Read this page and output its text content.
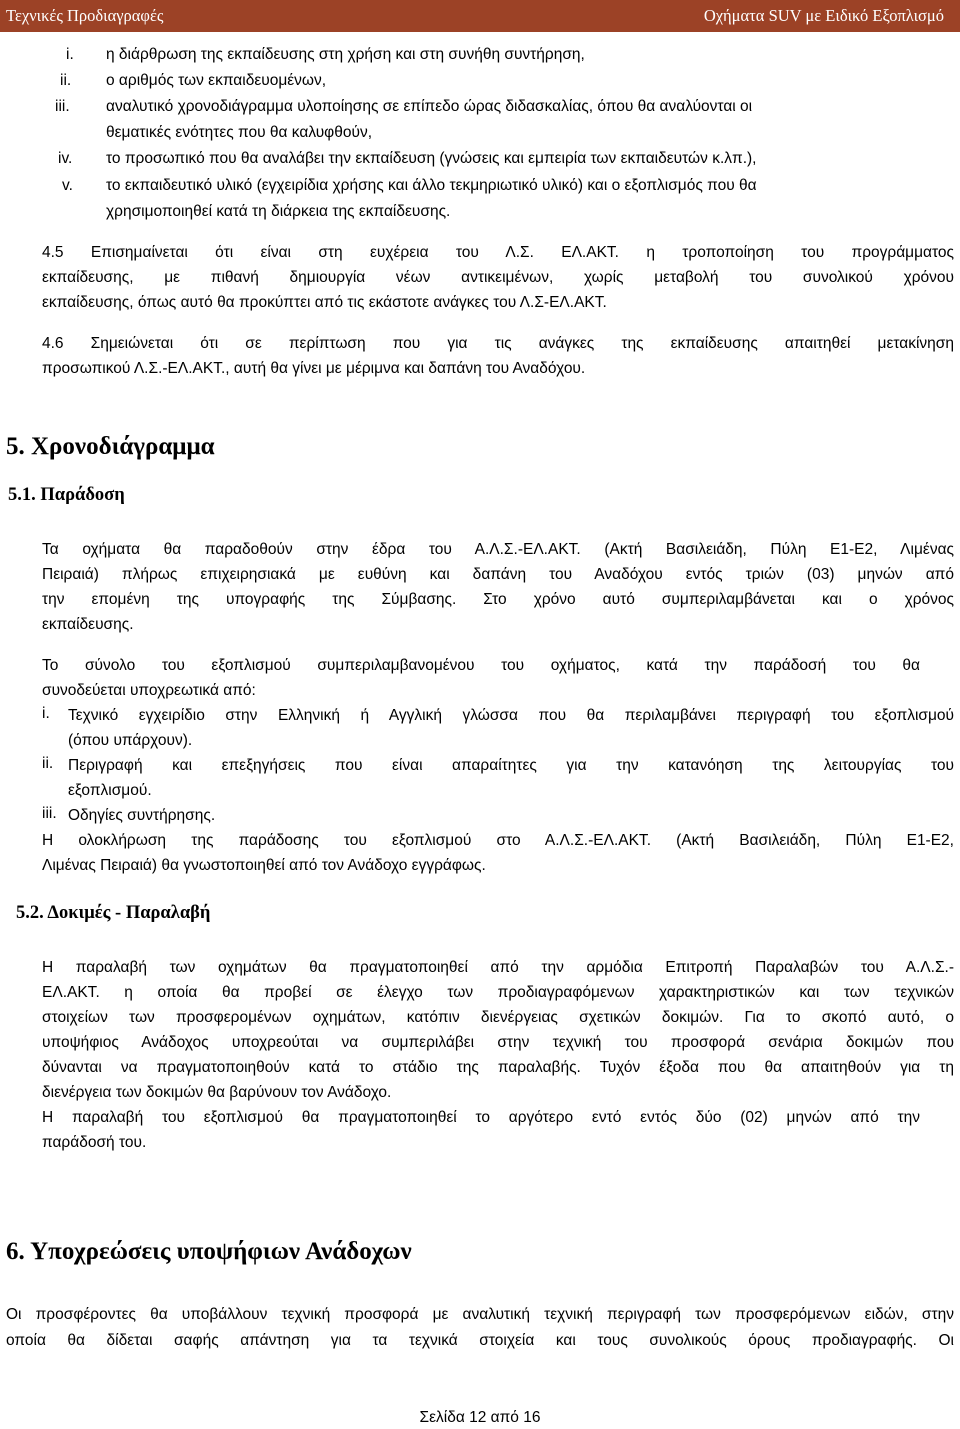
Τεχνικές Προδιαγραφές	Οχήματα SUV με Ειδικό Εξοπλισμό
i. η διάρθρωση της εκπαίδευσης στη χρήση και στη συνήθη συντήρηση,
ii. ο αριθμός των εκπαιδευομένων,
iii. αναλυτικό χρονοδιάγραμμα υλοποίησης σε επίπεδο ώρας διδασκαλίας, όπου θα αναλύονται οι
θεματικές ενότητες που θα καλυφθούν,
iv. το προσωπικό που θα αναλάβει την εκπαίδευση (γνώσεις και εμπειρία των εκπαιδευτών κ.λπ.),
v. το εκπαιδευτικό υλικό (εγχειρίδια χρήσης και άλλο τεκμηριωτικό υλικό) και ο εξοπλισμός που θα
χρησιμοποιηθεί κατά τη διάρκεια της εκπαίδευσης.
4.5 Επισημαίνεται ότι είναι στη ευχέρεια του Λ.Σ. ΕΛ.ΑΚΤ. η τροποποίηση του προγράμματος
εκπαίδευσης, με πιθανή δημιουργία νέων αντικειμένων, χωρίς μεταβολή του συνολικού χρόνου
εκπαίδευσης, όπως αυτό θα προκύπτει από τις εκάστοτε ανάγκες του Λ.Σ-ΕΛ.ΑΚΤ.
4.6 Σημειώνεται ότι σε περίπτωση που για τις ανάγκες της εκπαίδευσης απαιτηθεί μετακίνηση
προσωπικού Λ.Σ.-ΕΛ.ΑΚΤ., αυτή θα γίνει με μέριμνα και δαπάνη του Αναδόχου.
5. Χρονοδιάγραμμα
5.1. Παράδοση
Τα οχήματα θα παραδοθούν στην έδρα του Α.Λ.Σ.-ΕΛ.ΑΚΤ. (Ακτή Βασιλειάδη, Πύλη Ε1-Ε2, Λιμένας
Πειραιά) πλήρως επιχειρησιακά με ευθύνη και δαπάνη του Αναδόχου εντός τριών (03) μηνών από
την επομένη της υπογραφής της Σύμβασης. Στο χρόνο αυτό συμπεριλαμβάνεται και ο χρόνος
εκπαίδευσης.
Το σύνολο του εξοπλισμού συμπεριλαμβανομένου του οχήματος, κατά την παράδοσή του θα
συνοδεύεται υποχρεωτικά από:
i. Τεχνικό εγχειρίδιο στην Ελληνική ή Αγγλική γλώσσα που θα περιλαμβάνει περιγραφή του εξοπλισμού
(όπου υπάρχουν).
ii. Περιγραφή και επεξηγήσεις που είναι απαραίτητες για την κατανόηση της λειτουργίας του
εξοπλισμού.
iii. Οδηγίες συντήρησης.
Η ολοκλήρωση της παράδοσης του εξοπλισμού στο Α.Λ.Σ.-ΕΛ.ΑΚΤ. (Ακτή Βασιλειάδη, Πύλη Ε1-Ε2,
Λιμένας Πειραιά) θα γνωστοποιηθεί από τον Ανάδοχο εγγράφως.
5.2. Δοκιμές - Παραλαβή
Η παραλαβή των οχημάτων θα πραγματοποιηθεί από την αρμόδια Επιτροπή Παραλαβών του Α.Λ.Σ.-
ΕΛ.ΑΚΤ. η οποία θα προβεί σε έλεγχο των προδιαγραφόμενων χαρακτηριστικών και των τεχνικών
στοιχείων των προσφερομένων οχημάτων, κατόπιν διενέργειας σχετικών δοκιμών. Για το σκοπό αυτό, ο
υποψήφιος Ανάδοχος υποχρεούται να συμπεριλάβει στην τεχνική του προσφορά σενάρια δοκιμών που
δύνανται να πραγματοποιηθούν κατά το στάδιο της παραλαβής. Τυχόν έξοδα που θα απαιτηθούν για τη
διενέργεια των δοκιμών θα βαρύνουν τον Ανάδοχο.
Η παραλαβή του εξοπλισμού θα πραγματοποιηθεί το αργότερο εντό εντός δύο (02) μηνών από την
παράδοσή του.
6. Υποχρεώσεις υποψήφιων Ανάδοχων
Οι προσφέροντες θα υποβάλλουν τεχνική προσφορά με αναλυτική τεχνική περιγραφή των προσφερόμενων ειδών, στην
οποία θα δίδεται σαφής απάντηση για τα τεχνικά στοιχεία και τους συνολικούς όρους προδιαγραφής. Οι
Σελίδα 12 από 16
